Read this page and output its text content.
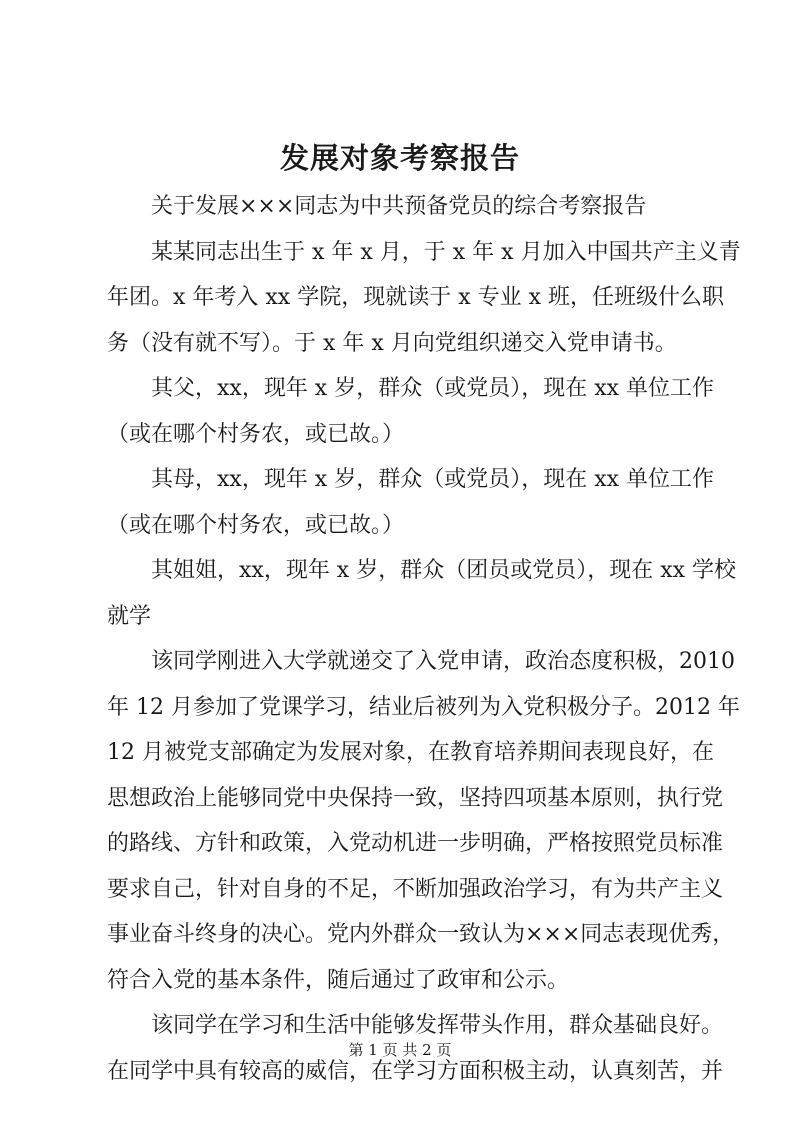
发展对象考察报告
关于发展×××同志为中共预备党员的综合考察报告
某某同志出生于 x 年 x 月，于 x 年 x 月加入中国共产主义青
年团。x 年考入 xx 学院，现就读于 x 专业 x 班，任班级什么职
务（没有就不写）。于 x 年 x 月向党组织递交入党申请书。
其父，xx，现年 x 岁，群众（或党员），现在 xx 单位工作
（或在哪个村务农，或已故。）
其母，xx，现年 x 岁，群众（或党员），现在 xx 单位工作
（或在哪个村务农，或已故。）
其姐姐，xx，现年 x 岁，群众（团员或党员），现在 xx 学校
就学
该同学刚进入大学就递交了入党申请，政治态度积极，2010
年 12 月参加了党课学习，结业后被列为入党积极分子。2012 年
12 月被党支部确定为发展对象，在教育培养期间表现良好，在
思想政治上能够同党中央保持一致，坚持四项基本原则，执行党
的路线、方针和政策，入党动机进一步明确，严格按照党员标准
要求自己，针对自身的不足，不断加强政治学习，有为共产主义
事业奋斗终身的决心。党内外群众一致认为×××同志表现优秀，
符合入党的基本条件，随后通过了政审和公示。
该同学在学习和生活中能够发挥带头作用，群众基础良好。
在同学中具有较高的威信，在学习方面积极主动，认真刻苦，并
第 1 页 共 2 页
